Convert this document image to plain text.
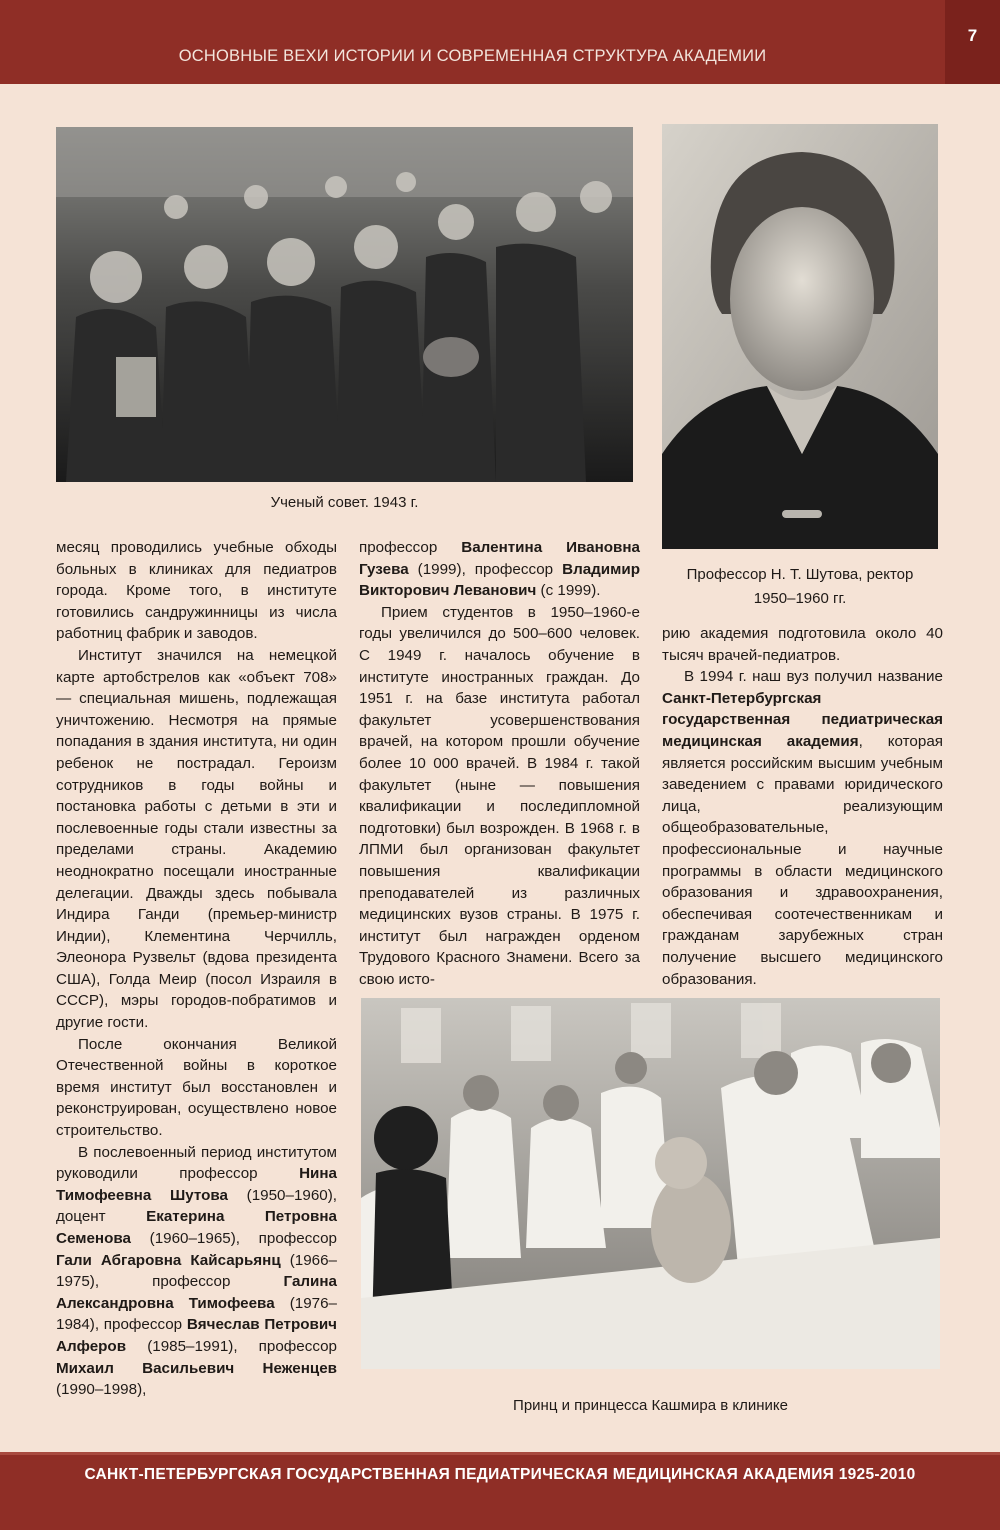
ОСНОВНЫЕ ВЕХИ ИСТОРИИ И СОВРЕМЕННАЯ СТРУКТУРА АКАДЕМИИ
7
Ученый совет. 1943 г.
Профессор Н. Т. Шутова, ректор
1950–1960 гг.

месяц проводились учебные обходы больных в клиниках для педиатров города. Кроме того, в институте готовились сандружинницы из числа работниц фабрик и заводов.

Институт значился на немецкой карте артобстрелов как «объект 708» — специальная мишень, подлежащая уничтожению. Несмотря на прямые попадания в здания института, ни один ребенок не пострадал. Героизм сотрудников в годы войны и постановка работы с детьми в эти и послевоенные годы стали известны за пределами страны. Академию неоднократно посещали иностранные делегации. Дважды здесь побывала Индира Ганди (премьер-министр Индии), Клементина Черчилль, Элеонора Рузвельт (вдова президента США), Голда Меир (посол Израиля в СССР), мэры городов-побратимов и другие гости.

После окончания Великой Отечественной войны в короткое время институт был восстановлен и реконструирован, осуществлено новое строительство.

В послевоенный период институтом руководили профессор Нина Тимофеевна Шутова (1950–1960), доцент Екатерина Петровна Семенова (1960–1965), профессор Гали Абгаровна Кайсарьянц (1966–1975), профессор Галина Александровна Тимофеева (1976–1984), профессор Вячеслав Петрович Алферов (1985–1991), профессор Михаил Васильевич Неженцев (1990–1998),

профессор Валентина Ивановна Гузева (1999), профессор Владимир Викторович Леванович (с 1999).

Прием студентов в 1950–1960-е годы увеличился до 500–600 человек. С 1949 г. началось обучение в институте иностранных граждан. До 1951 г. на базе института работал факультет усовершенствования врачей, на котором прошли обучение более 10 000 врачей. В 1984 г. такой факультет (ныне — повышения квалификации и последипломной подготовки) был возрожден. В 1968 г. в ЛПМИ был организован факультет повышения квалификации преподавателей из различных медицинских вузов страны. В 1975 г. институт был награжден орденом Трудового Красного Знамени. Всего за свою исто-

рию академия подготовила около 40 тысяч врачей-педиатров.

В 1994 г. наш вуз получил название Санкт-Петербургская государственная педиатрическая медицинская академия, которая является российским высшим учебным заведением с правами юридического лица, реализующим общеобразовательные, профессиональные и научные программы в области медицинского образования и здравоохранения, обеспечивая соотечественникам и гражданам зарубежных стран получение высшего медицинского образования.

Принц и принцесса Кашмира в клинике
САНКТ-ПЕТЕРБУРГСКАЯ ГОСУДАРСТВЕННАЯ ПЕДИАТРИЧЕСКАЯ МЕДИЦИНСКАЯ АКАДЕМИЯ 1925-2010
